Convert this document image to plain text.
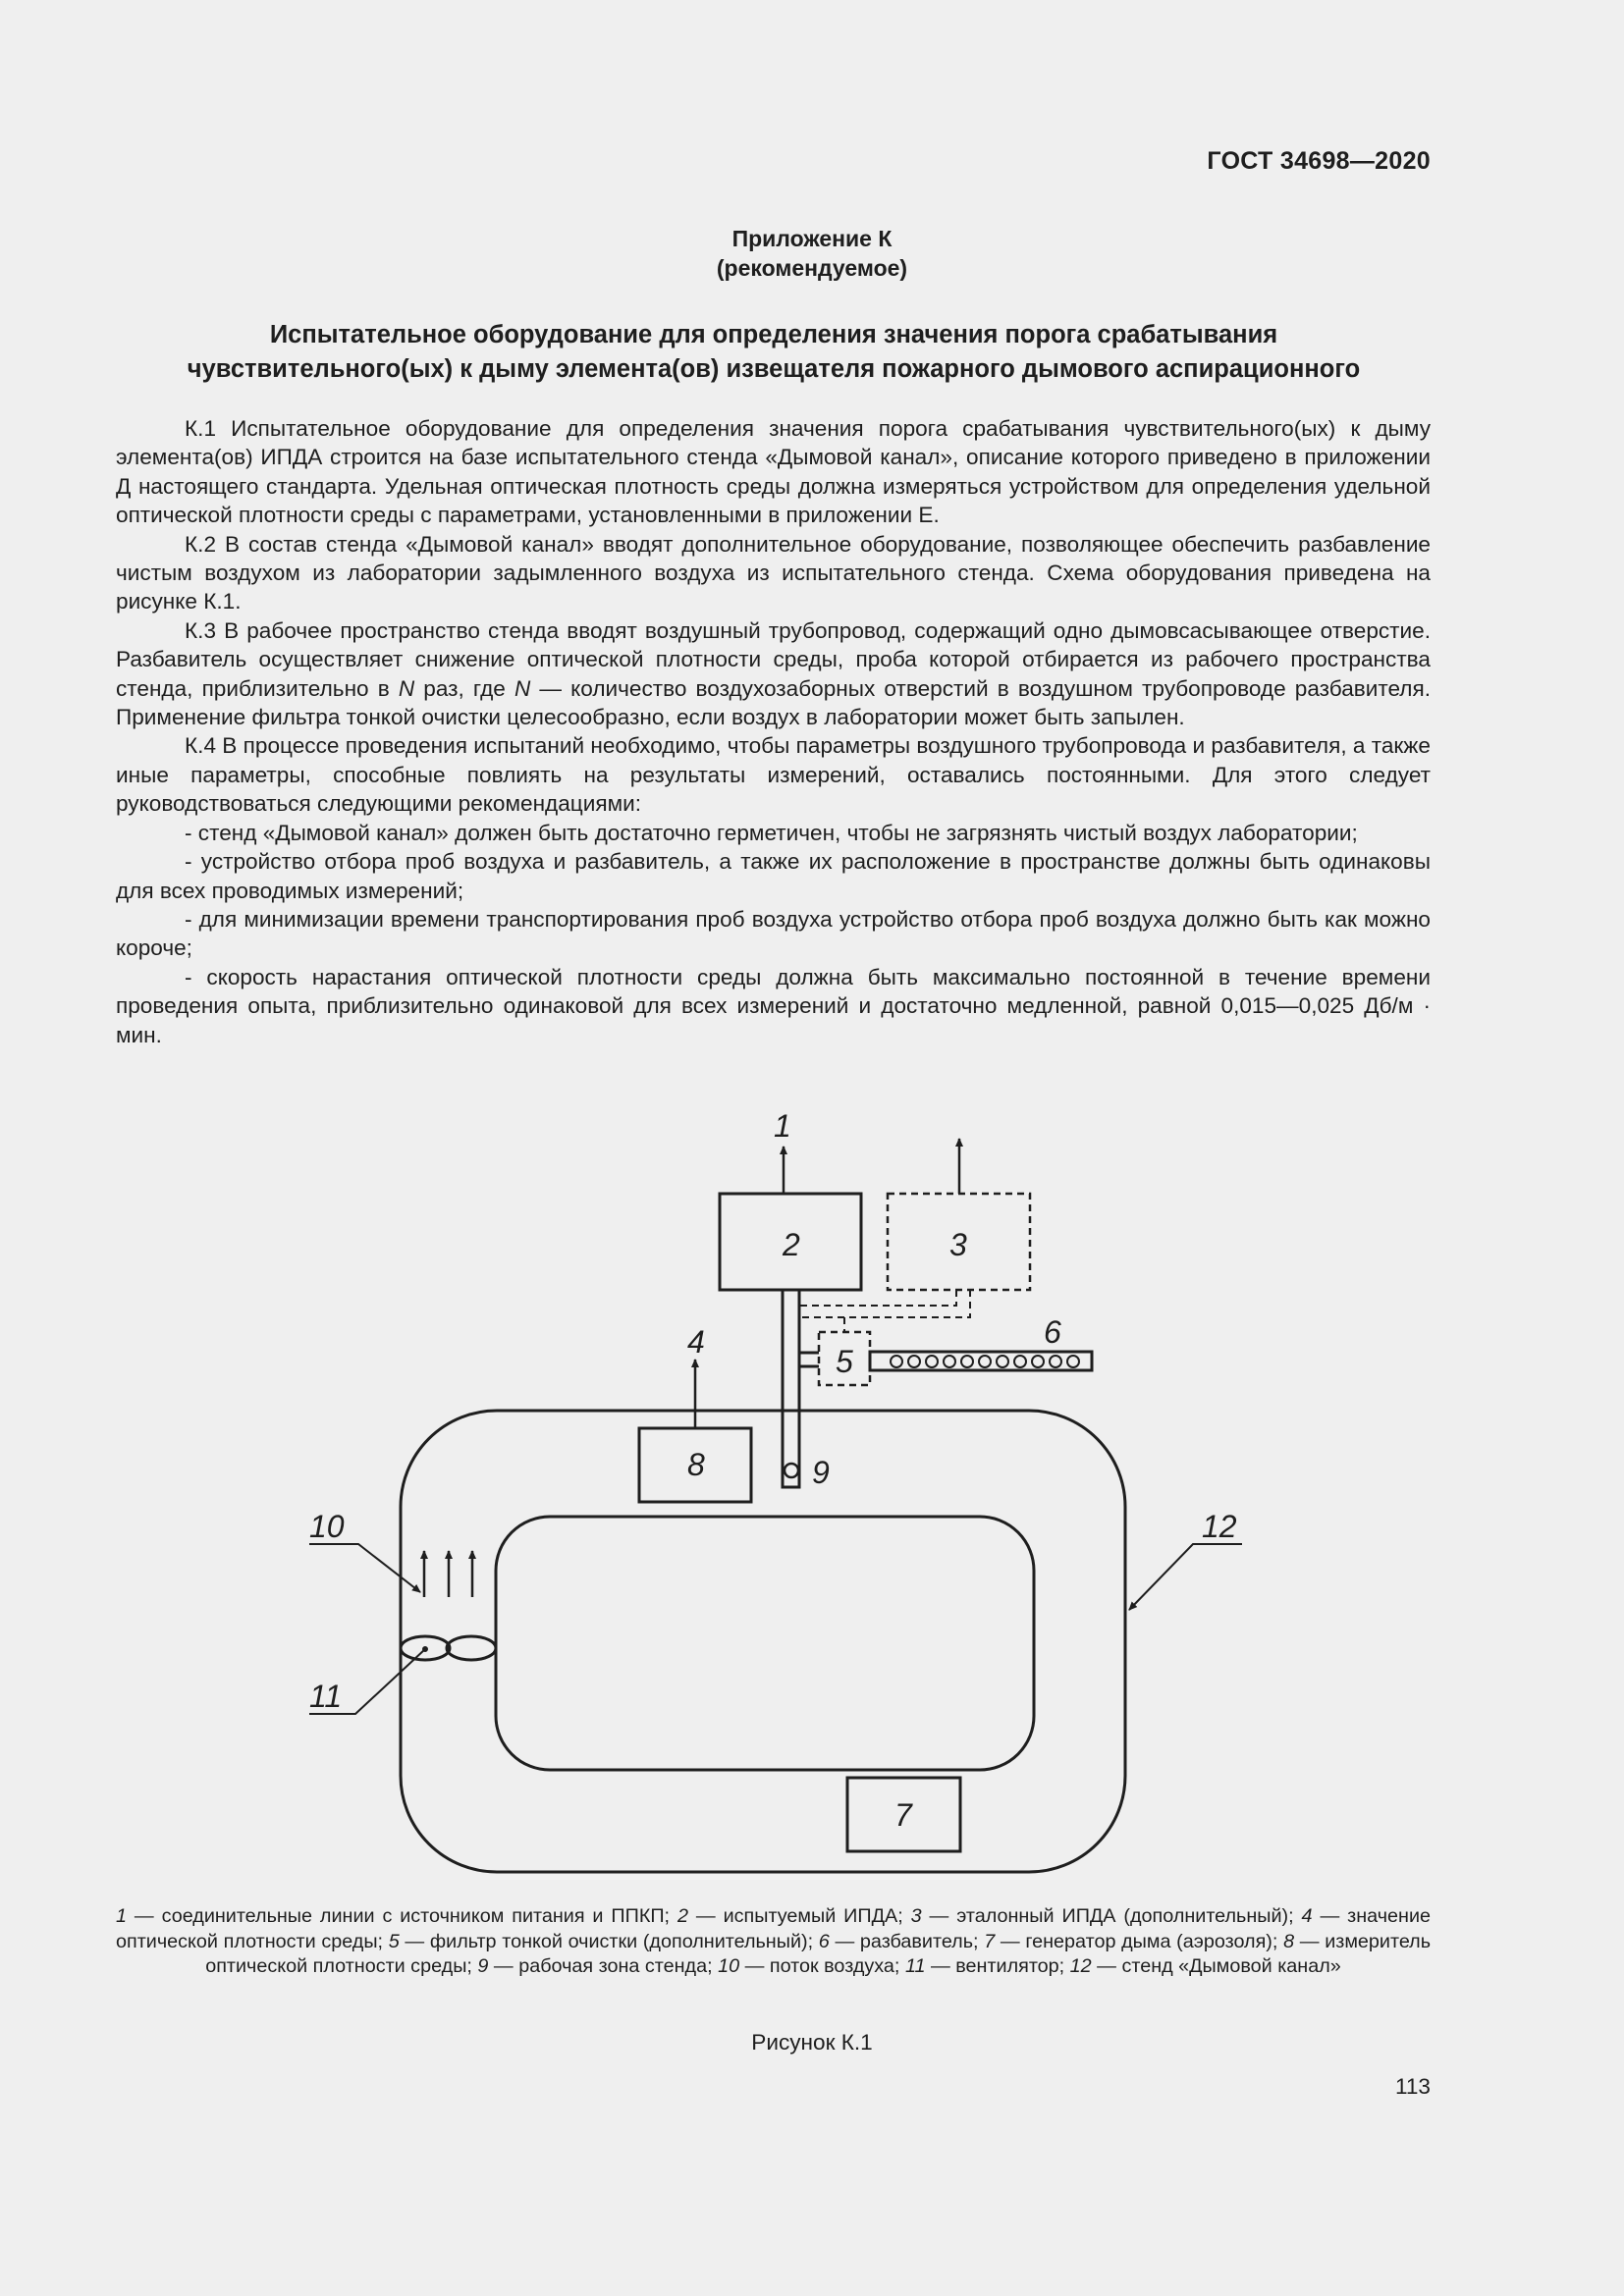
ГОСТ 34698—2020
Приложение К
(рекомендуемое)
Испытательное оборудование для определения значения порога срабатывания
чувствительного(ых) к дыму элемента(ов) извещателя пожарного дымового аспирационного

К.1 Испытательное оборудование для определения значения порога срабатывания чувствительного(ых) к дыму элемента(ов) ИПДА строится на базе испытательного стенда «Дымовой канал», описание которого приведено в приложении Д настоящего стандарта. Удельная оптическая плотность среды должна измеряться устройством для определения удельной оптической плотности среды с параметрами, установленными в приложении Е.

К.2 В состав стенда «Дымовой канал» вводят дополнительное оборудование, позволяющее обеспечить разбавление чистым воздухом из лаборатории задымленного воздуха из испытательного стенда. Схема оборудования приведена на рисунке К.1.

К.3 В рабочее пространство стенда вводят воздушный трубопровод, содержащий одно дымовсасывающее отверстие. Разбавитель осуществляет снижение оптической плотности среды, проба которой отбирается из рабочего пространства стенда, приблизительно в N раз, где N — количество воздухозаборных отверстий в воздушном трубопроводе разбавителя. Применение фильтра тонкой очистки целесообразно, если воздух в лаборатории может быть запылен.

К.4 В процессе проведения испытаний необходимо, чтобы параметры воздушного трубопровода и разбавителя, а также иные параметры, способные повлиять на результаты измерений, оставались постоянными. Для этого следует руководствоваться следующими рекомендациями:

- стенд «Дымовой канал» должен быть достаточно герметичен, чтобы не загрязнять чистый воздух лаборатории;

- устройство отбора проб воздуха и разбавитель, а также их расположение в пространстве должны быть одинаковы для всех проводимых измерений;

- для минимизации времени транспортирования проб воздуха устройство отбора проб воздуха должно быть как можно короче;

- скорость нарастания оптической плотности среды должна быть максимально постоянной в течение времени проведения опыта, приблизительно одинаковой для всех измерений и достаточно медленной, равной 0,015—0,025 Дб/м · мин.

1
2	3
4
5
6
7
8	9
10
11
12
1 — соединительные линии с источником питания и ППКП; 2 — испытуемый ИПДА; 3 — эталонный ИПДА (дополнительный); 4 — значение оптической плотности среды; 5 — фильтр тонкой очистки (дополнительный); 6 — разбавитель; 7 — генератор дыма (аэрозоля); 8 — измеритель оптической плотности среды; 9 — рабочая зона стенда; 10 — поток воздуха; 11 — вентилятор; 12 — стенд «Дымовой канал»
Рисунок К.1
113
